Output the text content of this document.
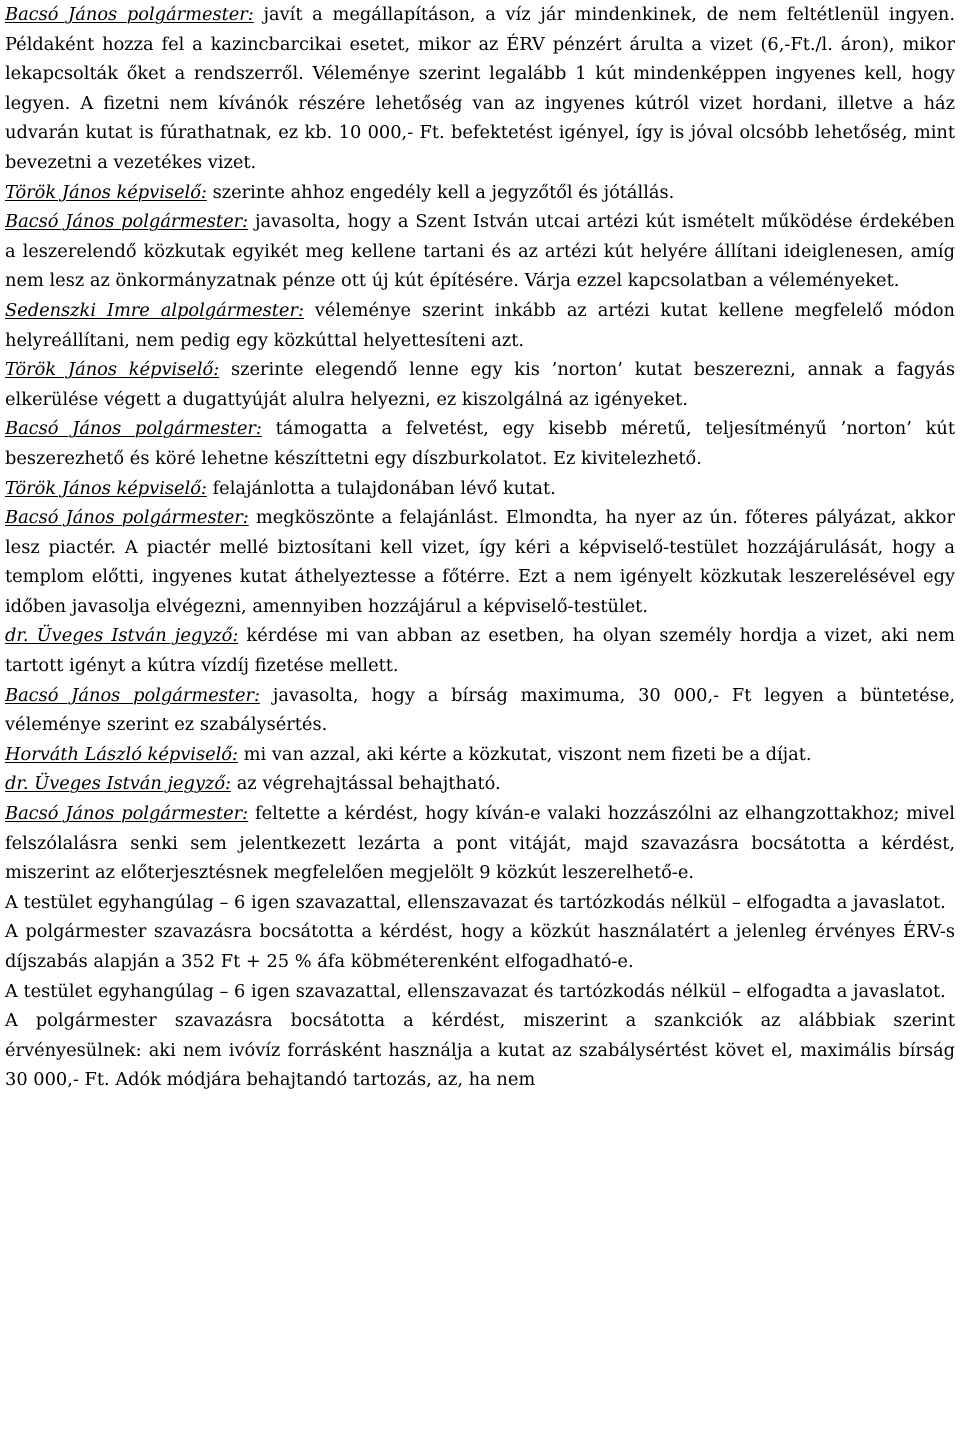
Bacsó János polgármester: javít a megállapításon, a víz jár mindenkinek, de nem feltétlenül ingyen. Példaként hozza fel a kazincbarcikai esetet, mikor az ÉRV pénzért árulta a vizet (6,-Ft./l. áron), mikor lekapcsolták őket a rendszerről. Véleménye szerint legalább 1 kút mindenképpen ingyenes kell, hogy legyen. A fizetni nem kívánók részére lehetőség van az ingyenes kútról vizet hordani, illetve a ház udvarán kutat is fúrathatnak, ez kb. 10 000,- Ft. befektetést igényel, így is jóval olcsóbb lehetőség, mint bevezetni a vezetékes vizet.

Török János képviselő: szerinte ahhoz engedély kell a jegyzőtől és jótállás.

Bacsó János polgármester: javasolta, hogy a Szent István utcai artézi kút ismételt működése érdekében a leszerelendő közkutak egyikét meg kellene tartani és az artézi kút helyére állítani ideiglenesen, amíg nem lesz az önkormányzatnak pénze ott új kút építésére. Várja ezzel kapcsolatban a véleményeket.

Sedenszki Imre alpolgármester: véleménye szerint inkább az artézi kutat kellene megfelelő módon helyreállítani, nem pedig egy közkúttal helyettesíteni azt.

Török János képviselő: szerinte elegendő lenne egy kis ’norton’ kutat beszerezni, annak a fagyás elkerülése végett a dugattyúját alulra helyezni, ez kiszolgálná az igényeket.

Bacsó János polgármester: támogatta a felvetést, egy kisebb méretű, teljesítményű ’norton’ kút beszerezhető és köré lehetne készíttetni egy díszburkolatot. Ez kivitelezhető.

Török János képviselő: felajánlotta a tulajdonában lévő kutat.

Bacsó János polgármester: megköszönte a felajánlást. Elmondta, ha nyer az ún. főteres pályázat, akkor lesz piactér. A piactér mellé biztosítani kell vizet, így kéri a képviselő-testület hozzájárulását, hogy a templom előtti, ingyenes kutat áthelyeztesse a főtérre. Ezt a nem igényelt közkutak leszerelésével egy időben javasolja elvégezni, amennyiben hozzájárul a képviselő-testület.

dr. Üveges István jegyző: kérdése mi van abban az esetben, ha olyan személy hordja a vizet, aki nem tartott igényt a kútra vízdíj fizetése mellett.

Bacsó János polgármester: javasolta, hogy a bírság maximuma, 30 000,- Ft legyen a büntetése, véleménye szerint ez szabálysértés.

Horváth László képviselő: mi van azzal, aki kérte a közkutat, viszont nem fizeti be a díjat.

dr. Üveges István jegyző: az végrehajtással behajtható.

Bacsó János polgármester: feltette a kérdést, hogy kíván-e valaki hozzászólni az elhangzottakhoz; mivel felszólalásra senki sem jelentkezett lezárta a pont vitáját, majd szavazásra bocsátotta a kérdést, miszerint az előterjesztésnek megfelelően megjelölt 9 közkút leszerelhető-e.

A testület egyhangúlag – 6 igen szavazattal, ellenszavazat és tartózkodás nélkül – elfogadta a javaslatot.

A polgármester szavazásra bocsátotta a kérdést, hogy a közkút használatért a jelenleg érvényes ÉRV-s díjszabás alapján a 352 Ft + 25 % áfa köbméterenként elfogadható-e.

A testület egyhangúlag – 6 igen szavazattal, ellenszavazat és tartózkodás nélkül – elfogadta a javaslatot.

A polgármester szavazásra bocsátotta a kérdést, miszerint a szankciók az alábbiak szerint érvényesülnek: aki nem ivóvíz forrásként használja a kutat az szabálysértést követ el, maximális bírság 30 000,- Ft. Adók módjára behajtandó tartozás, az, ha nem
